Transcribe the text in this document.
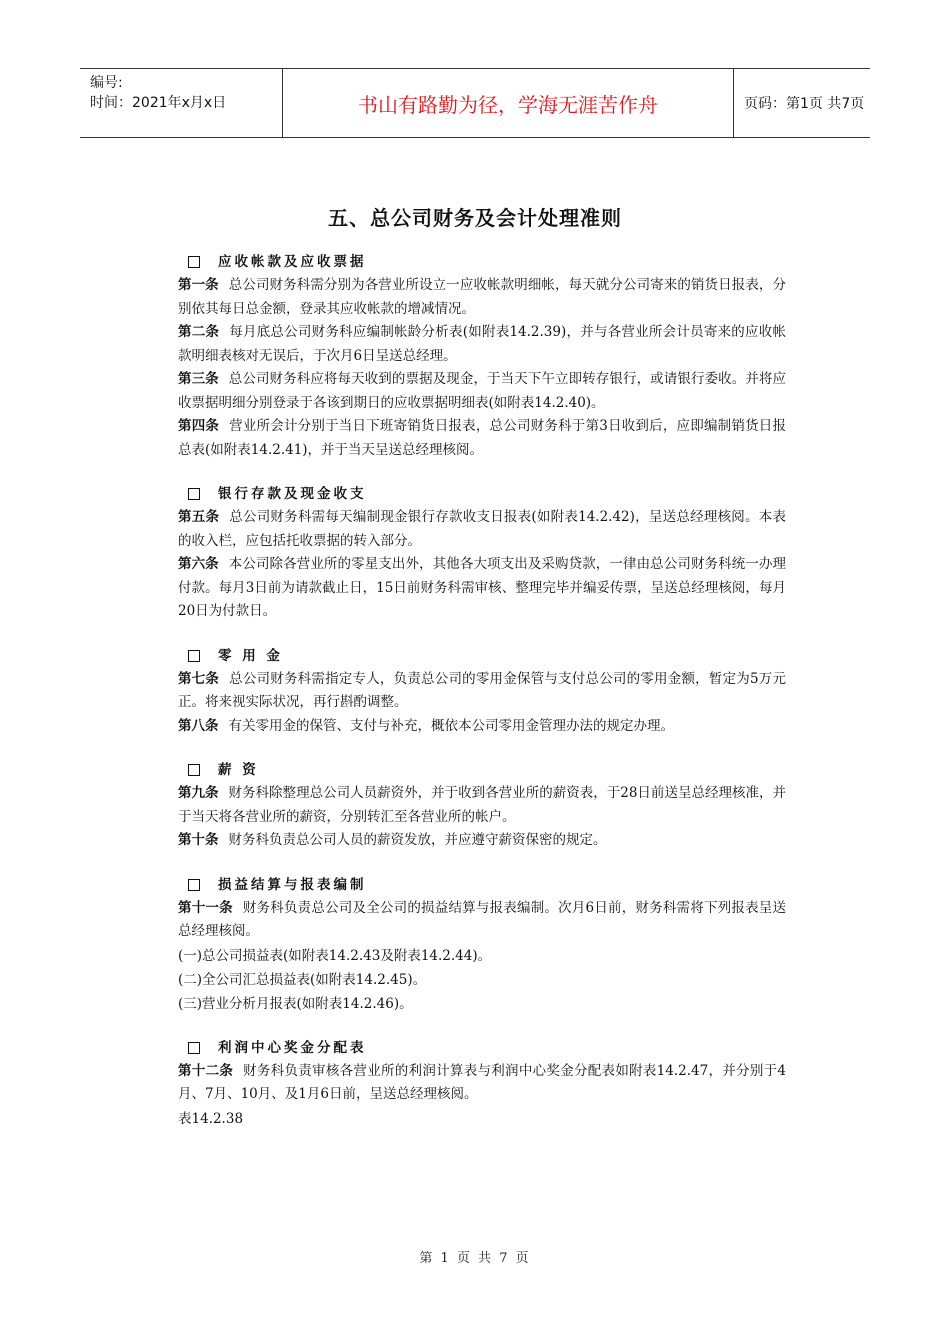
编号:
时间：2021年x月x日	书山有路勤为径，学海无涯苦作舟	页码：第1页 共7页
五、总公司财务及会计处理准则
应收帐款及应收票据
第一条 总公司财务科需分别为各营业所设立一应收帐款明细帐，每天就分公司寄来的销货日报表，分别依其每日总金额，登录其应收帐款的增减情况。
第二条 每月底总公司财务科应编制帐龄分析表(如附表14.2.39)，并与各营业所会计员寄来的应收帐款明细表核对无误后，于次月6日呈送总经理。
第三条 总公司财务科应将每天收到的票据及现金，于当天下午立即转存银行，或请银行委收。并将应收票据明细分别登录于各该到期日的应收票据明细表(如附表14.2.40)。
第四条 营业所会计分别于当日下班寄销货日报表，总公司财务科于第3日收到后，应即编制销货日报总表(如附表14.2.41)，并于当天呈送总经理核阅。
银行存款及现金收支
第五条 总公司财务科需每天编制现金银行存款收支日报表(如附表14.2.42)，呈送总经理核阅。本表的收入栏，应包括托收票据的转入部分。
第六条 本公司除各营业所的零星支出外，其他各大项支出及采购贷款，一律由总公司财务科统一办理付款。每月3日前为请款截止日，15日前财务科需审核、整理完毕并编妥传票，呈送总经理核阅，每月20日为付款日。
零 用 金
第七条 总公司财务科需指定专人，负责总公司的零用金保管与支付总公司的零用金额，暂定为5万元正。将来视实际状况，再行斟酌调整。
第八条 有关零用金的保管、支付与补充，概依本公司零用金管理办法的规定办理。
薪 资
第九条 财务科除整理总公司人员薪资外，并于收到各营业所的薪资表，于28日前送呈总经理核准，并于当天将各营业所的薪资，分别转汇至各营业所的帐户。
第十条 财务科负责总公司人员的薪资发放，并应遵守薪资保密的规定。
损益结算与报表编制
第十一条 财务科负责总公司及全公司的损益结算与报表编制。次月6日前，财务科需将下列报表呈送总经理核阅。
(一)总公司损益表(如附表14.2.43及附表14.2.44)。
(二)全公司汇总损益表(如附表14.2.45)。
(三)营业分析月报表(如附表14.2.46)。
利润中心奖金分配表
第十二条 财务科负责审核各营业所的利润计算表与利润中心奖金分配表如附表14.2.47，并分别于4月、7月、10月、及1月6日前，呈送总经理核阅。
表14.2.38
第 1 页 共 7 页
